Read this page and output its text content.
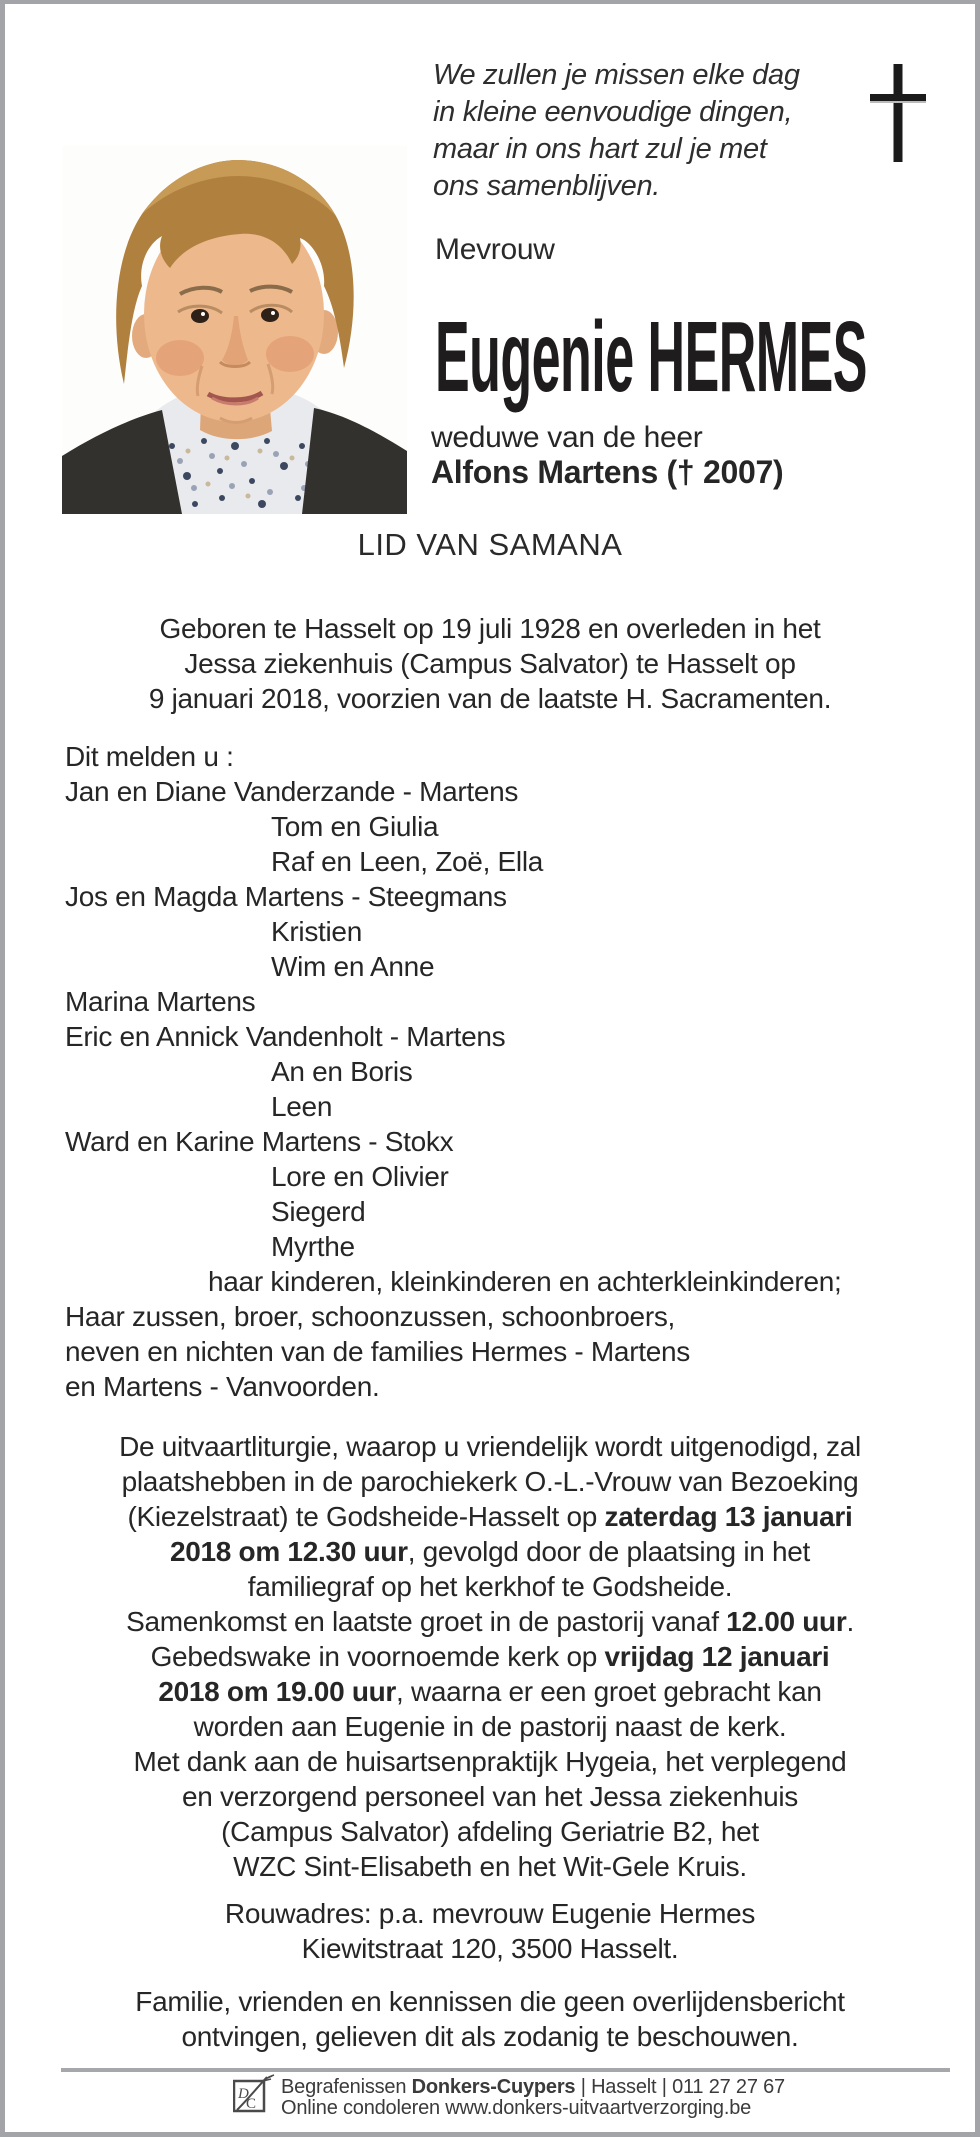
We zullen je missen elke dag
in kleine eenvoudige dingen,
maar in ons hart zul je met
ons samenblijven.
Mevrouw
Eugenie HERMES
weduwe van de heer
Alfons Martens († 2007)
LID VAN SAMANA
Geboren te Hasselt op 19 juli 1928 en overleden in het
Jessa ziekenhuis (Campus Salvator) te Hasselt op
9 januari 2018, voorzien van de laatste H. Sacramenten.
Dit melden u :
Jan en Diane Vanderzande - Martens
Tom en Giulia
Raf en Leen, Zoë, Ella
Jos en Magda Martens - Steegmans
Kristien
Wim en Anne
Marina Martens
Eric en Annick Vandenholt - Martens
An en Boris
Leen
Ward en Karine Martens - Stokx
Lore en Olivier
Siegerd
Myrthe
haar kinderen, kleinkinderen en achterkleinkinderen;
Haar zussen, broer, schoonzussen, schoonbroers,
neven en nichten van de families Hermes - Martens
en Martens - Vanvoorden.
De uitvaartliturgie, waarop u vriendelijk wordt uitgenodigd, zal
plaatshebben in de parochiekerk O.-L.-Vrouw van Bezoeking
(Kiezelstraat) te Godsheide-Hasselt op zaterdag 13 januari
2018 om 12.30 uur, gevolgd door de plaatsing in het
familiegraf op het kerkhof te Godsheide.
Samenkomst en laatste groet in de pastorij vanaf 12.00 uur.
Gebedswake in voornoemde kerk op vrijdag 12 januari
2018 om 19.00 uur, waarna er een groet gebracht kan
worden aan Eugenie in de pastorij naast de kerk.
Met dank aan de huisartsenpraktijk Hygeia, het verplegend
en verzorgend personeel van het Jessa ziekenhuis
(Campus Salvator) afdeling Geriatrie B2, het
WZC Sint-Elisabeth en het Wit-Gele Kruis.
Rouwadres: p.a. mevrouw Eugenie Hermes
Kiewitstraat 120, 3500 Hasselt.
Familie, vrienden en kennissen die geen overlijdensbericht
ontvingen, gelieven dit als zodanig te beschouwen.
D
C
Begrafenissen Donkers-Cuypers | Hasselt | 011 27 27 67
Online condoleren www.donkers-uitvaartverzorging.be
